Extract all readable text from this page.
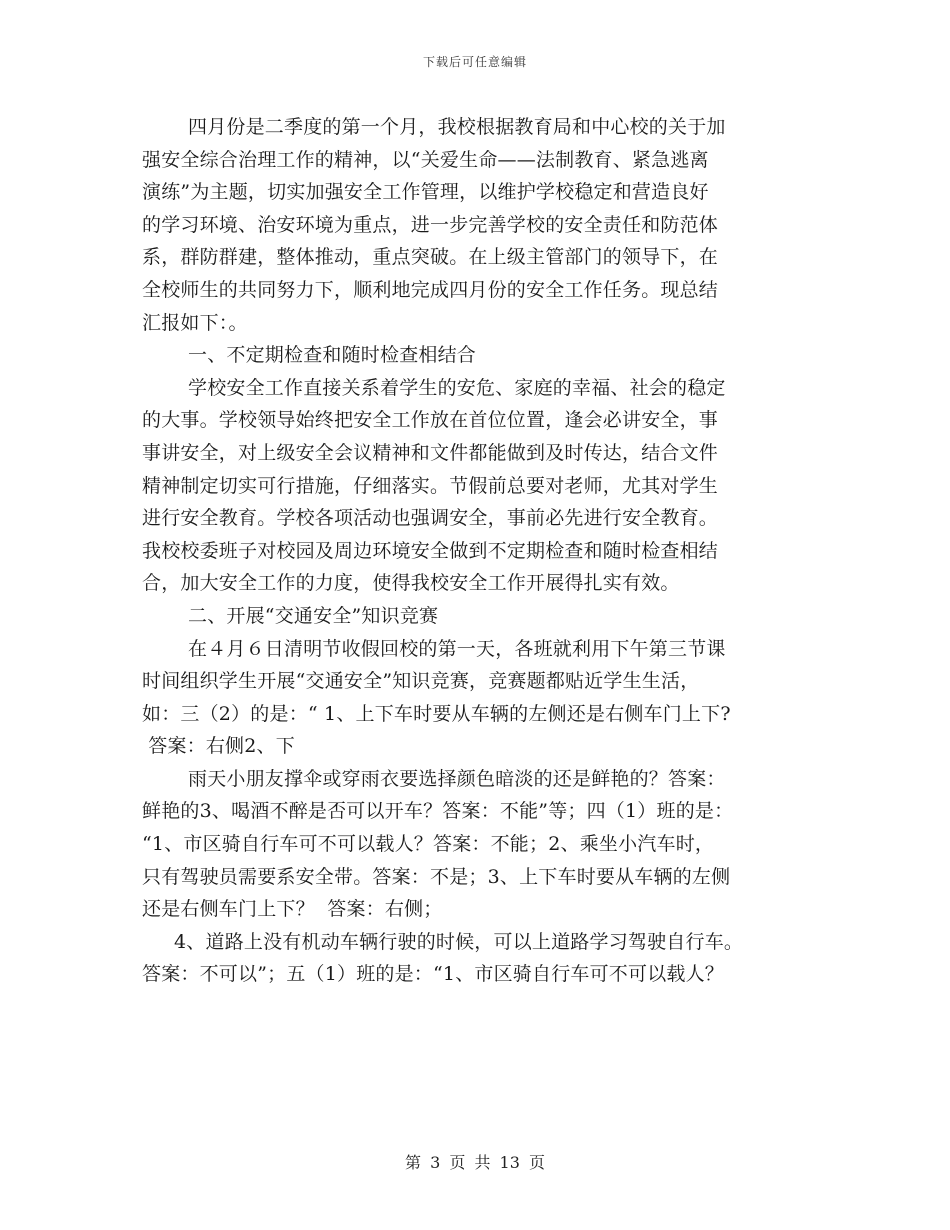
下载后可任意编辑
四月份是二季度的第一个月，我校根据教育局和中心校的关于加
强安全综合治理工作的精神，以“关爱生命——法制教育、紧急逃离
演练”为主题，切实加强安全工作管理，以维护学校稳定和营造良好
的学习环境、治安环境为重点，进一步完善学校的安全责任和防范体
系，群防群建，整体推动，重点突破。在上级主管部门的领导下，在
全校师生的共同努力下，顺利地完成四月份的安全工作任务。现总结
汇报如下：。
一、不定期检查和随时检查相结合
学校安全工作直接关系着学生的安危、家庭的幸福、社会的稳定
的大事。学校领导始终把安全工作放在首位位置，逢会必讲安全，事
事讲安全，对上级安全会议精神和文件都能做到及时传达，结合文件
精神制定切实可行措施，仔细落实。节假前总要对老师，尤其对学生
进行安全教育。学校各项活动也强调安全，事前必先进行安全教育。
我校校委班子对校园及周边环境安全做到不定期检查和随时检查相结
合，加大安全工作的力度，使得我校安全工作开展得扎实有效。
二、开展“交通安全”知识竞赛
在４月６日清明节收假回校的第一天，各班就利用下午第三节课
时间组织学生开展“交通安全”知识竞赛，竞赛题都贴近学生生活，
如：三（2）的是：“ 1、上下车时要从车辆的左侧还是右侧车门上下?
答案：右侧2、下
雨天小朋友撑伞或穿雨衣要选择颜色暗淡的还是鲜艳的？答案：
鲜艳的3、喝酒不醉是否可以开车？答案：不能”等；四（1）班的是：
“1、市区骑自行车可不可以载人？答案：不能；2、乘坐小汽车时，
只有驾驶员需要系安全带。答案：不是；3、上下车时要从车辆的左侧
还是右侧车门上下？  答案：右侧；
4、道路上没有机动车辆行驶的时候，可以上道路学习驾驶自行车。
答案：不可以”；五（1）班的是：“1、市区骑自行车可不可以载人？
第 3 页 共 13 页
